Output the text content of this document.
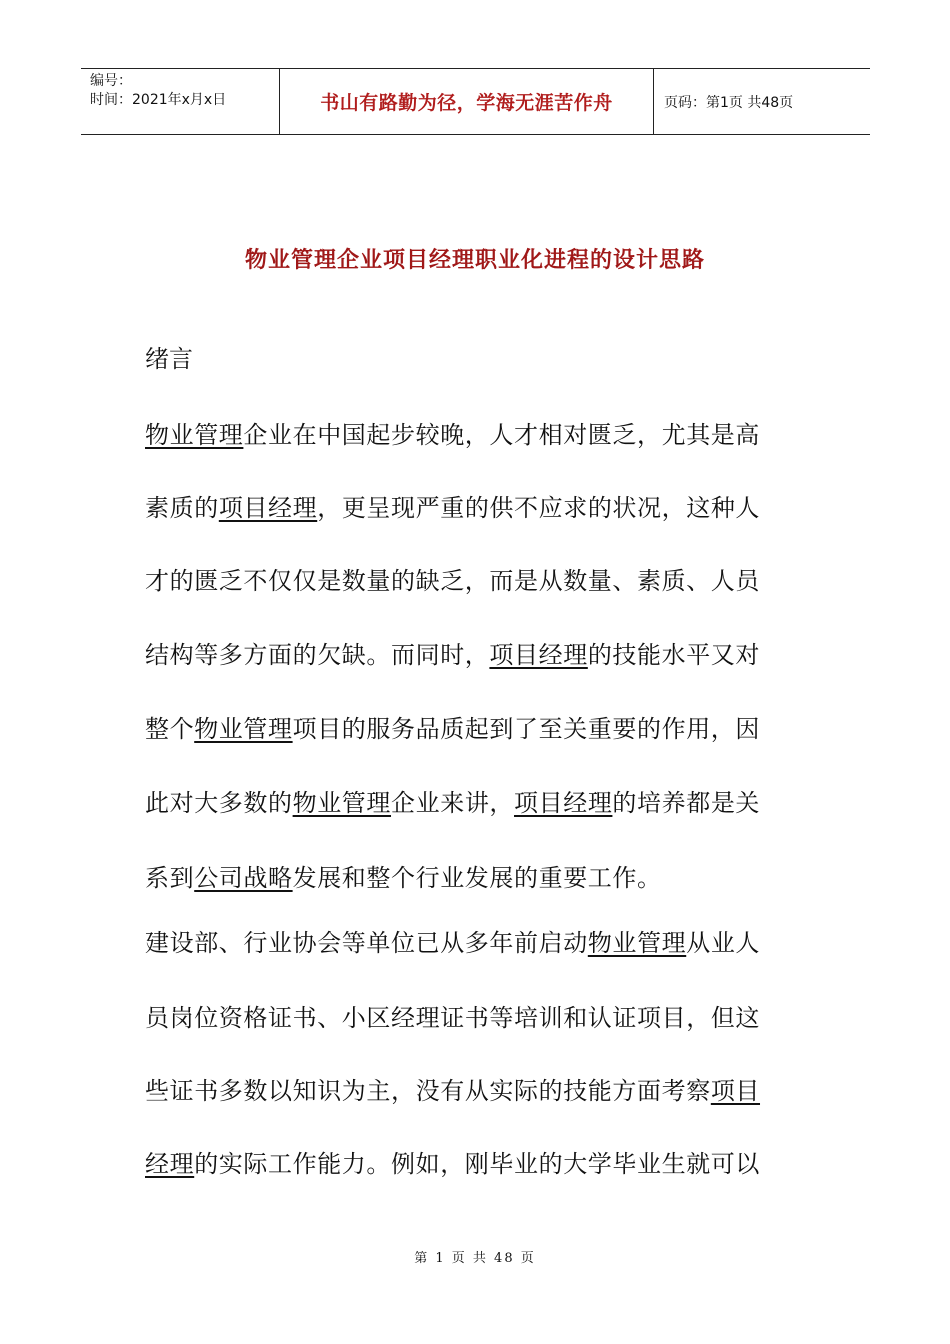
编号：
时间：2021年x月x日	书山有路勤为径，学海无涯苦作舟	页码：第1页 共48页
物业管理企业项目经理职业化进程的设计思路
绪言
物业管理企业在中国起步较晚，人才相对匮乏，尤其是高
素质的项目经理，更呈现严重的供不应求的状况，这种人
才的匮乏不仅仅是数量的缺乏，而是从数量、素质、人员
结构等多方面的欠缺。而同时，项目经理的技能水平又对
整个物业管理项目的服务品质起到了至关重要的作用，因
此对大多数的物业管理企业来讲，项目经理的培养都是关
系到公司战略发展和整个行业发展的重要工作。
建设部、行业协会等单位已从多年前启动物业管理从业人
员岗位资格证书、小区经理证书等培训和认证项目，但这
些证书多数以知识为主，没有从实际的技能方面考察项目
经理的实际工作能力。例如，刚毕业的大学毕业生就可以
第 1 页 共 48 页
